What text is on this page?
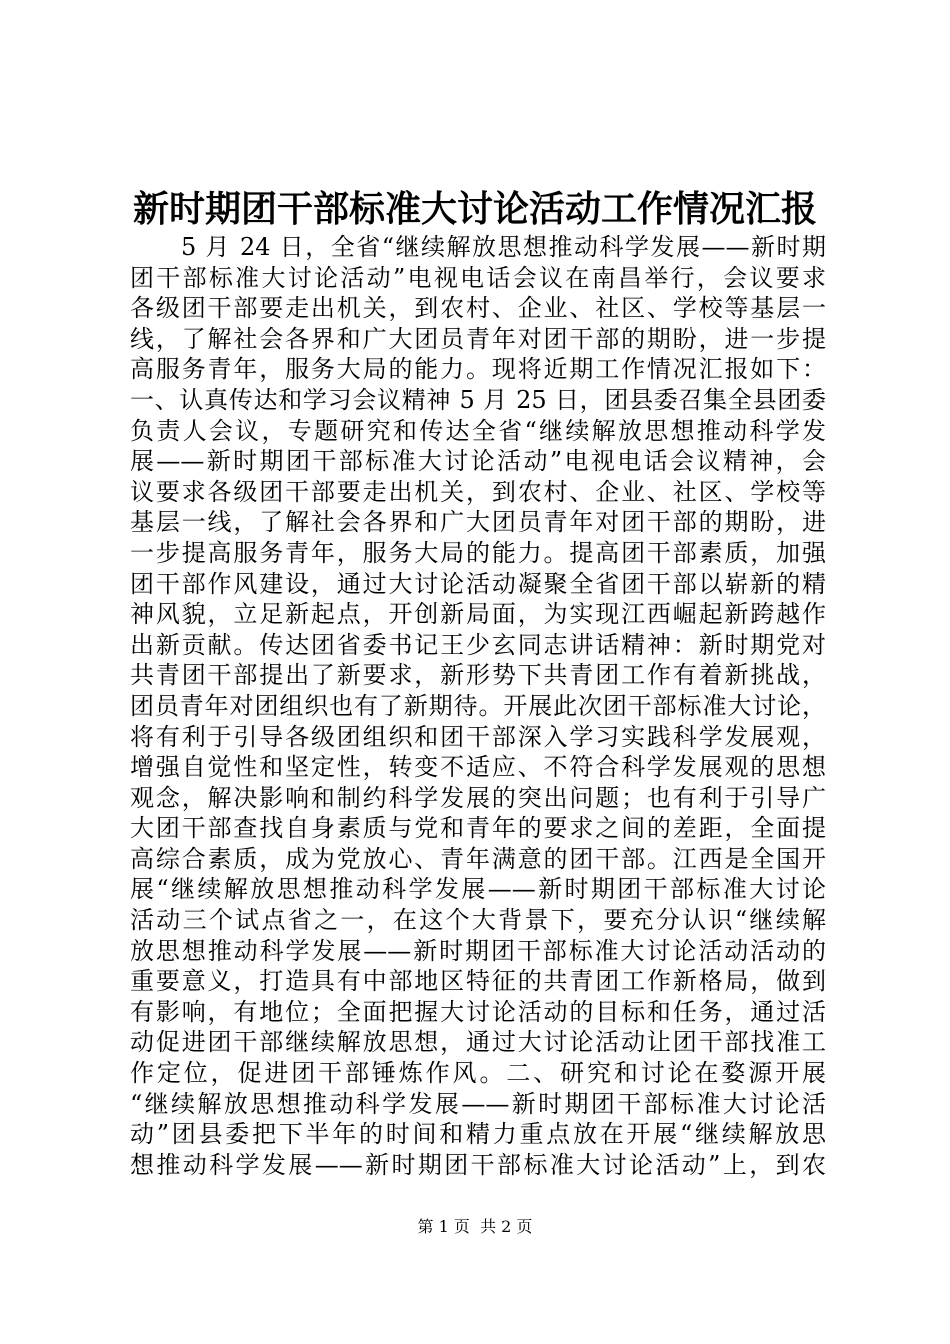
新时期团干部标准大讨论活动工作情况汇报
　　5 月 24 日，全省“继续解放思想推动科学发展——新时期
团干部标准大讨论活动”电视电话会议在南昌举行，会议要求
各级团干部要走出机关，到农村、企业、社区、学校等基层一
线，了解社会各界和广大团员青年对团干部的期盼，进一步提
高服务青年，服务大局的能力。现将近期工作情况汇报如下：
一、认真传达和学习会议精神 5 月 25 日，团县委召集全县团委
负责人会议，专题研究和传达全省“继续解放思想推动科学发
展——新时期团干部标准大讨论活动”电视电话会议精神，会
议要求各级团干部要走出机关，到农村、企业、社区、学校等
基层一线，了解社会各界和广大团员青年对团干部的期盼，进
一步提高服务青年，服务大局的能力。提高团干部素质，加强
团干部作风建设，通过大讨论活动凝聚全省团干部以崭新的精
神风貌，立足新起点，开创新局面，为实现江西崛起新跨越作
出新贡献。传达团省委书记王少玄同志讲话精神：新时期党对
共青团干部提出了新要求，新形势下共青团工作有着新挑战，
团员青年对团组织也有了新期待。开展此次团干部标准大讨论，
将有利于引导各级团组织和团干部深入学习实践科学发展观，
增强自觉性和坚定性，转变不适应、不符合科学发展观的思想
观念，解决影响和制约科学发展的突出问题；也有利于引导广
大团干部查找自身素质与党和青年的要求之间的差距，全面提
高综合素质，成为党放心、青年满意的团干部。江西是全国开
展“继续解放思想推动科学发展——新时期团干部标准大讨论
活动三个试点省之一，在这个大背景下，要充分认识“继续解
放思想推动科学发展——新时期团干部标准大讨论活动活动的
重要意义，打造具有中部地区特征的共青团工作新格局，做到
有影响，有地位；全面把握大讨论活动的目标和任务，通过活
动促进团干部继续解放思想，通过大讨论活动让团干部找准工
作定位，促进团干部锤炼作风。二、研究和讨论在婺源开展
“继续解放思想推动科学发展——新时期团干部标准大讨论活
动”团县委把下半年的时间和精力重点放在开展“继续解放思
想推动科学发展——新时期团干部标准大讨论活动”上，到农
第 1 页  共 2 页
